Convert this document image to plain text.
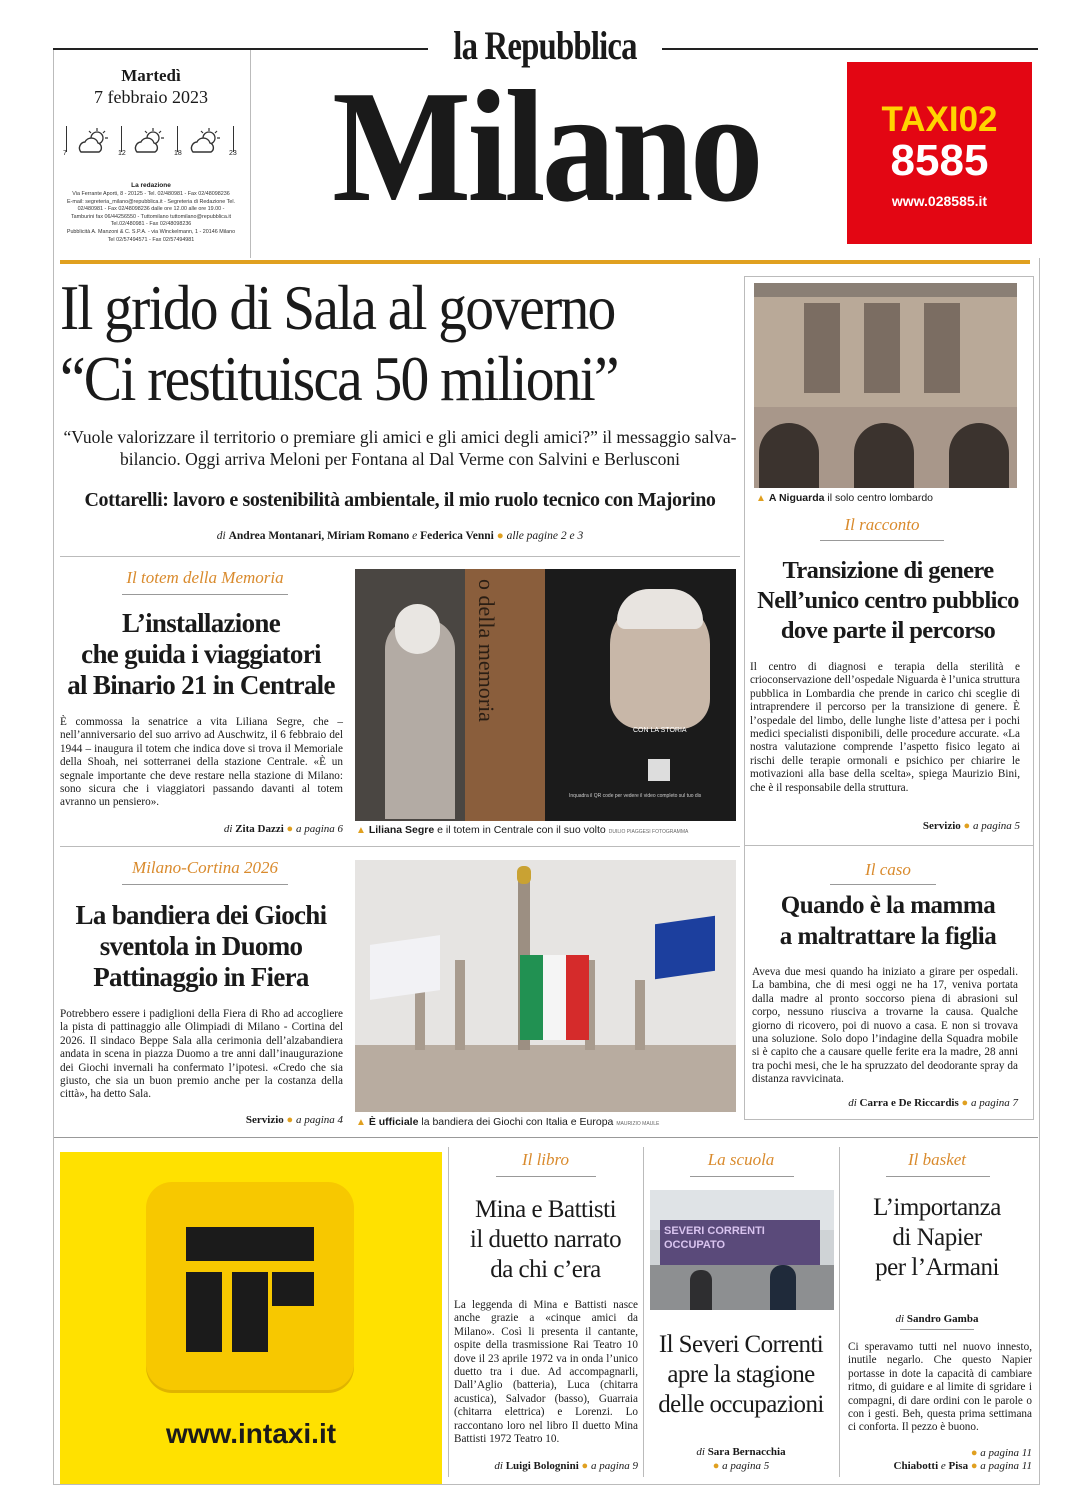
la Repubblica
Martedì
7 febbraio 2023
7	12	18	23
La redazione
Via Ferrante Aporti, 8 - 20125 - Tel. 02/480981 - Fax 02/48098236
E-mail: segreteria_milano@repubblica.it - Segreteria di Redazione Tel.
02/480981 - Fax 02/48098236 dalle ore 12.00 alle ore 19.00 -
Tamburini fax 06/44256550 - Tuttomilano tuttomilano@repubblica.it
Tel.02/480981 - Fax 02/48098236
Pubblicità A. Manzoni & C. S.P.A. - via Winckelmann, 1 - 20146 Milano
Tel 02/57494571 - Fax 02/57494981
Milano	TAXI02
8585
www.028585.it
Il grido di Sala al governo
“Ci restituisca 50 milioni”
“Vuole valorizzare il territorio o premiare gli amici e gli amici degli amici?” il messaggio salva-bilancio. Oggi arriva Meloni per Fontana al Dal Verme con Salvini e Berlusconi
Cottarelli: lavoro e sostenibilità ambientale, il mio ruolo tecnico con Majorino
di Andrea Montanari, Miriam Romano e Federica Venni ● alle pagine 2 e 3
▲ A Niguarda il solo centro lombardo
Il racconto
Transizione di genere
Nell’unico centro pubblico
dove parte il percorso
Il centro di diagnosi e terapia della sterilità e crioconservazione dell’ospedale Niguarda è l’unica struttura pubblica in Lombardia che prende in carico chi sceglie di intraprendere il percorso per la transizione di genere. È l’ospedale del limbo, delle lunghe liste d’attesa per i pochi medici specialisti disponibili, delle procedure accurate. «La nostra valutazione comprende l’aspetto fisico legato ai rischi delle terapie ormonali e psichico per chiarire le motivazioni alla base della scelta», spiega Maurizio Bini, che è il responsabile della struttura.
Servizio ● a pagina 5
Il totem della Memoria
L’installazione
che guida i viaggiatori
al Binario 21 in Centrale
È commossa la senatrice a vita Liliana Segre, che – nell’anniversario del suo arrivo ad Auschwitz, il 6 febbraio del 1944 – inaugura il totem che indica dove si trova il Memoriale della Shoah, nei sotterranei della stazione Centrale. «È un segnale importante che deve restare nella stazione di Milano: sono sicura che i viaggiatori passando davanti al totem avranno un pensiero».
di Zita Dazzi ● a pagina 6
o della memoria
CON LA STORIA
Inquadra il QR code per vedere il video completo sul tuo dis
▲ Liliana Segre e il totem in Centrale con il suo volto DUILIO PIAGGESI FOTOGRAMMA
Milano-Cortina 2026
La bandiera dei Giochi
sventola in Duomo
Pattinaggio in Fiera
Potrebbero essere i padiglioni della Fiera di Rho ad accogliere la pista di pattinaggio alle Olimpiadi di Milano - Cortina del 2026. Il sindaco Beppe Sala alla cerimonia dell’alzabandiera andata in scena in piazza Duomo a tre anni dall’inaugurazione dei Giochi invernali ha confermato l’ipotesi. «Credo che sia giusto, che sia un buon premio anche per la costanza della città», ha detto Sala.
Servizio ● a pagina 4 ▲ È ufficiale la bandiera dei Giochi con Italia e Europa MAURIZIO MAULE
Il caso
Quando è la mamma
a maltrattare la figlia
Aveva due mesi quando ha iniziato a girare per ospedali. La bambina, che di mesi oggi ne ha 17, veniva portata dalla madre al pronto soccorso piena di abrasioni sul corpo, nessuno riusciva a trovarne la causa. Qualche giorno di ricovero, poi di nuovo a casa. E non si trovava una soluzione. Solo dopo l’indagine della Squadra mobile si è capito che a causare quelle ferite era la madre, 28 anni tra pochi mesi, che le ha spruzzato del deodorante spray da distanza ravvicinata.
di Carra e De Riccardis ● a pagina 7
www.intaxi.it
Il libro
Mina e Battisti
il duetto narrato
da chi c’era
La leggenda di Mina e Battisti nasce anche grazie a «cinque amici da Milano». Così li presenta il cantante, ospite della trasmissione Rai Teatro 10 dove il 23 aprile 1972 va in onda l’unico duetto tra i due. Ad accompagnarli, Dall’Aglio (batteria), Luca (chitarra acustica), Salvador (basso), Guarraia (chitarra elettrica) e Lorenzi. Lo raccontano loro nel libro Il duetto Mina Battisti 1972 Teatro 10.
di Luigi Bolognini ● a pagina 9
La scuola
SEVERI CORRENTI OCCUPATO
Il Severi Correnti
apre la stagione
delle occupazioni
di Sara Bernacchia
● a pagina 5
Il basket
L’importanza
di Napier
per l’Armani
di Sandro Gamba
Ci speravamo tutti nel nuovo innesto, inutile negarlo. Che questo Napier portasse in dote la capacità di cambiare ritmo, di guidare e al limite di sgridare i compagni, di dare ordini con le parole o con i gesti. Beh, questa prima settimana ci conforta. Il pezzo è buono.
● a pagina 11
Chiabotti e Pisa ● a pagina 11
